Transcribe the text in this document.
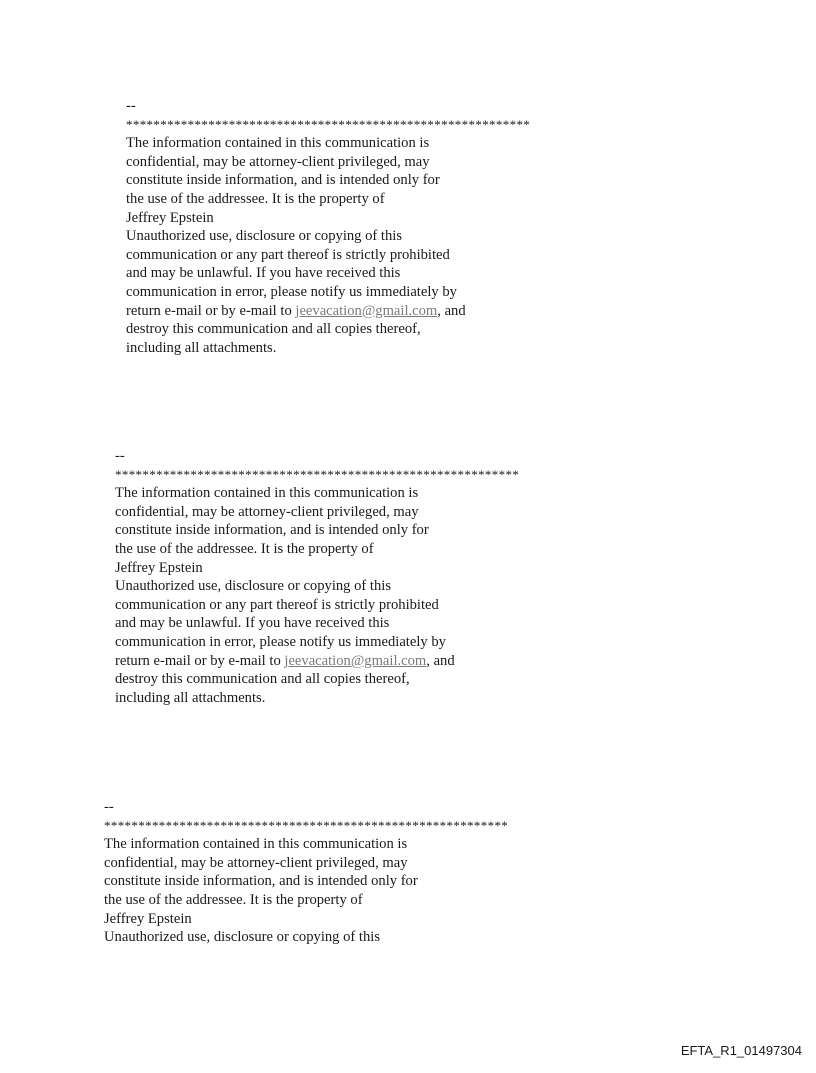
--
***********************************************************
The information contained in this communication is
confidential, may be attorney-client privileged, may
constitute inside information, and is intended only for
the use of the addressee. It is the property of
Jeffrey Epstein
Unauthorized use, disclosure or copying of this
communication or any part thereof is strictly prohibited
and may be unlawful. If you have received this
communication in error, please notify us immediately by
return e-mail or by e-mail to jeevacation@gmail.com, and
destroy this communication and all copies thereof,
including all attachments.
--
***********************************************************
The information contained in this communication is
confidential, may be attorney-client privileged, may
constitute inside information, and is intended only for
the use of the addressee. It is the property of
Jeffrey Epstein
Unauthorized use, disclosure or copying of this
communication or any part thereof is strictly prohibited
and may be unlawful. If you have received this
communication in error, please notify us immediately by
return e-mail or by e-mail to jeevacation@gmail.com, and
destroy this communication and all copies thereof,
including all attachments.
--
***********************************************************
The information contained in this communication is
confidential, may be attorney-client privileged, may
constitute inside information, and is intended only for
the use of the addressee. It is the property of
Jeffrey Epstein
Unauthorized use, disclosure or copying of this
EFTA_R1_01497304
